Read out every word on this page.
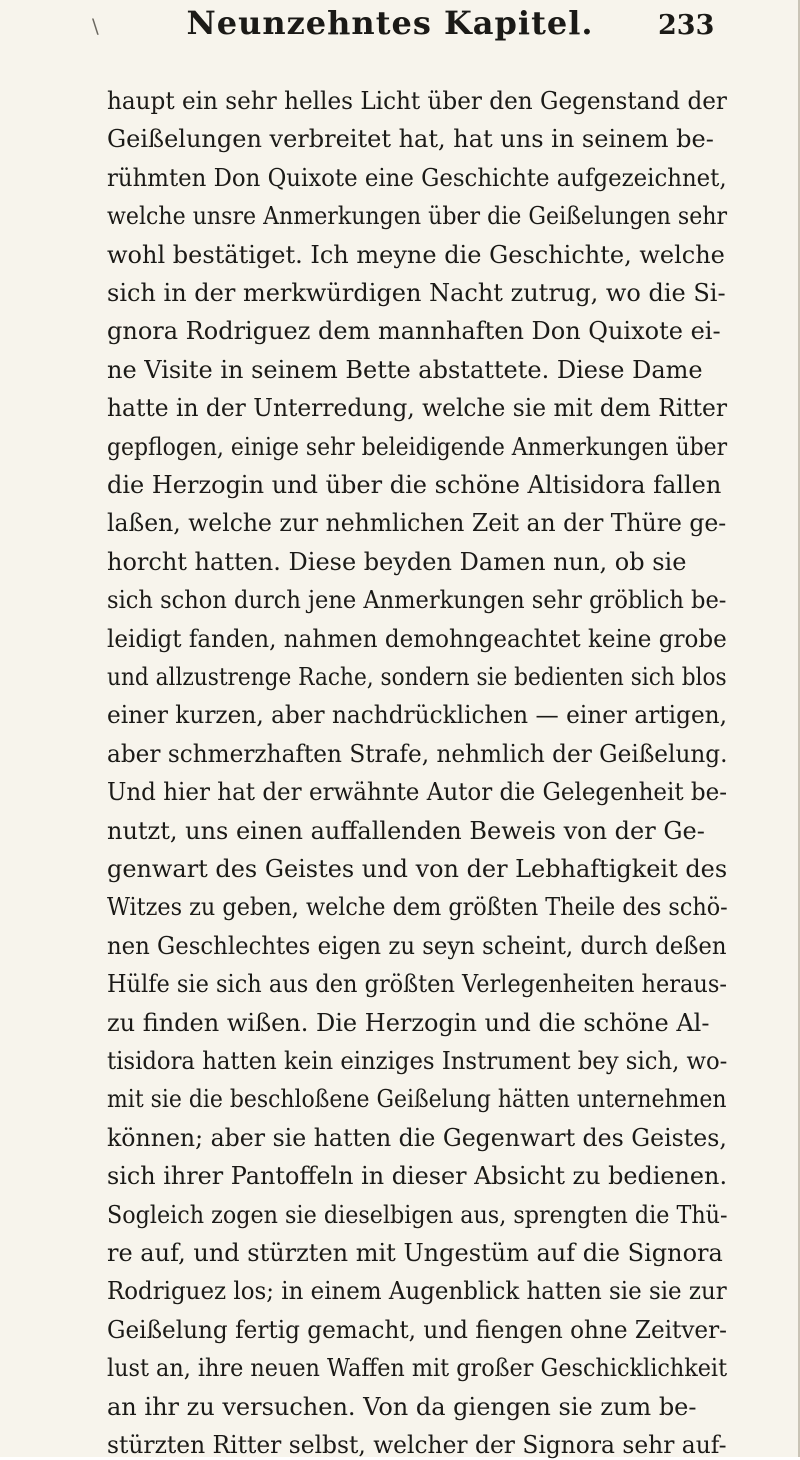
\	Neunzehntes Kapitel.	233
haupt ein sehr helles Licht über den Gegenstand der
Geißelungen verbreitet hat, hat uns in seinem be-
rühmten Don Quixote eine Geschichte aufgezeichnet,
welche unsre Anmerkungen über die Geißelungen sehr
wohl bestätiget. Ich meyne die Geschichte, welche
sich in der merkwürdigen Nacht zutrug, wo die Si-
gnora Rodriguez dem mannhaften Don Quixote ei-
ne Visite in seinem Bette abstattete. Diese Dame
hatte in der Unterredung, welche sie mit dem Ritter
gepflogen, einige sehr beleidigende Anmerkungen über
die Herzogin und über die schöne Altisidora fallen
laßen, welche zur nehmlichen Zeit an der Thüre ge-
horcht hatten. Diese beyden Damen nun, ob sie
sich schon durch jene Anmerkungen sehr gröblich be-
leidigt fanden, nahmen demohngeachtet keine grobe
und allzustrenge Rache, sondern sie bedienten sich blos
einer kurzen, aber nachdrücklichen — einer artigen,
aber schmerzhaften Strafe, nehmlich der Geißelung.
Und hier hat der erwähnte Autor die Gelegenheit be-
nutzt, uns einen auffallenden Beweis von der Ge-
genwart des Geistes und von der Lebhaftigkeit des
Witzes zu geben, welche dem größten Theile des schö-
nen Geschlechtes eigen zu seyn scheint, durch deßen
Hülfe sie sich aus den größten Verlegenheiten heraus-
zu finden wißen. Die Herzogin und die schöne Al-
tisidora hatten kein einziges Instrument bey sich, wo-
mit sie die beschloßene Geißelung hätten unternehmen
können; aber sie hatten die Gegenwart des Geistes,
sich ihrer Pantoffeln in dieser Absicht zu bedienen.
Sogleich zogen sie dieselbigen aus, sprengten die Thü-
re auf, und stürzten mit Ungestüm auf die Signora
Rodriguez los; in einem Augenblick hatten sie sie zur
Geißelung fertig gemacht, und fiengen ohne Zeitver-
lust an, ihre neuen Waffen mit großer Geschicklichkeit
an ihr zu versuchen. Von da giengen sie zum be-
stürzten Ritter selbst, welcher der Signora sehr auf-
